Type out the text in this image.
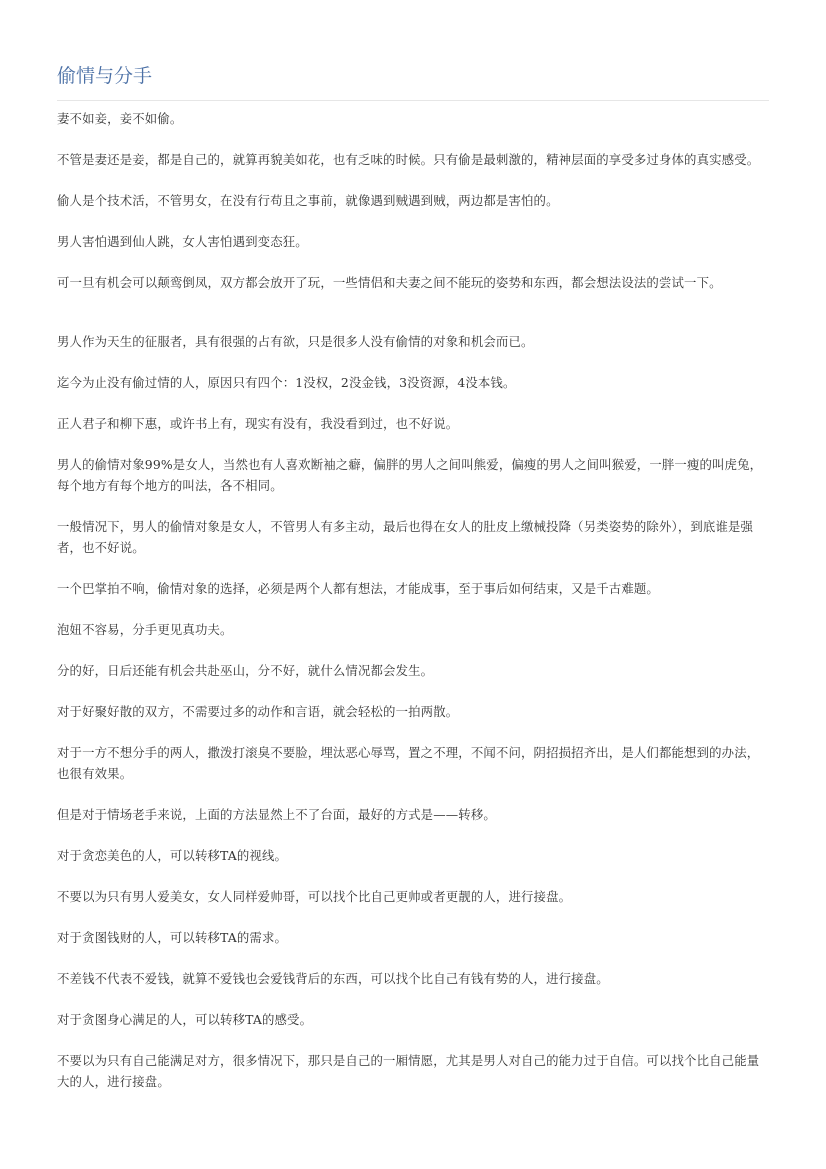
偷情与分手

妻不如妾，妾不如偷。

不管是妻还是妾，都是自己的，就算再貌美如花，也有乏味的时候。只有偷是最刺激的，精神层面的享受多过身体的真实感受。

偷人是个技术活，不管男女，在没有行苟且之事前，就像遇到贼遇到贼，两边都是害怕的。

男人害怕遇到仙人跳，女人害怕遇到变态狂。

可一旦有机会可以颠鸾倒凤，双方都会放开了玩，一些情侣和夫妻之间不能玩的姿势和东西，都会想法设法的尝试一下。

男人作为天生的征服者，具有很强的占有欲，只是很多人没有偷情的对象和机会而已。

迄今为止没有偷过情的人，原因只有四个：1没权，2没金钱，3没资源，4没本钱。

正人君子和柳下惠，或许书上有，现实有没有，我没看到过，也不好说。

男人的偷情对象99%是女人，当然也有人喜欢断袖之癖，偏胖的男人之间叫熊爱，偏瘦的男人之间叫猴爱，一胖一瘦的叫虎兔，每个地方有每个地方的叫法，各不相同。

一般情况下，男人的偷情对象是女人，不管男人有多主动，最后也得在女人的肚皮上缴械投降（另类姿势的除外），到底谁是强者，也不好说。

一个巴掌拍不响，偷情对象的选择，必须是两个人都有想法，才能成事，至于事后如何结束，又是千古难题。

泡妞不容易，分手更见真功夫。

分的好，日后还能有机会共赴巫山，分不好，就什么情况都会发生。

对于好聚好散的双方，不需要过多的动作和言语，就会轻松的一拍两散。

对于一方不想分手的两人，撒泼打滚臭不要脸，埋汰恶心辱骂，置之不理，不闻不问，阴招损招齐出，是人们都能想到的办法，也很有效果。

但是对于情场老手来说，上面的方法显然上不了台面，最好的方式是——转移。

对于贪恋美色的人，可以转移TA的视线。

不要以为只有男人爱美女，女人同样爱帅哥，可以找个比自己更帅或者更靓的人，进行接盘。

对于贪图钱财的人，可以转移TA的需求。

不差钱不代表不爱钱，就算不爱钱也会爱钱背后的东西，可以找个比自己有钱有势的人，进行接盘。

对于贪图身心满足的人，可以转移TA的感受。

不要以为只有自己能满足对方，很多情况下，那只是自己的一厢情愿，尤其是男人对自己的能力过于自信。可以找个比自己能量大的人，进行接盘。
